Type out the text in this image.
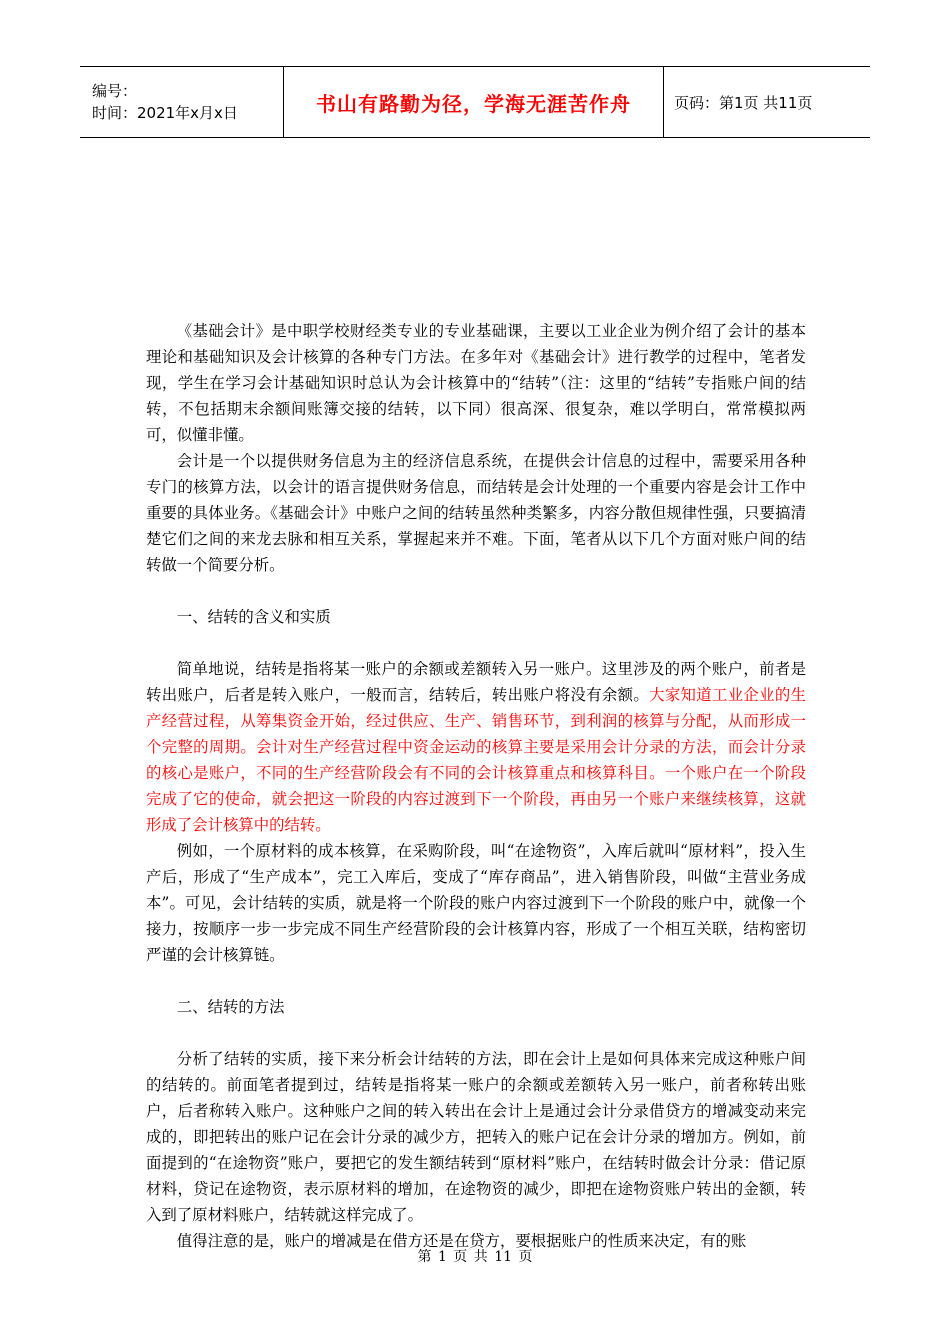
编号：
时间：2021年x月x日	书山有路勤为径，学海无涯苦作舟	页码：第1页 共11页

《基础会计》是中职学校财经类专业的专业基础课，主要以工业企业为例介绍了会计的基本理论和基础知识及会计核算的各种专门方法。在多年对《基础会计》进行教学的过程中，笔者发现，学生在学习会计基础知识时总认为会计核算中的“结转”（注：这里的“结转”专指账户间的结转，不包括期末余额间账簿交接的结转，以下同）很高深、很复杂，难以学明白，常常模拟两可，似懂非懂。

会计是一个以提供财务信息为主的经济信息系统，在提供会计信息的过程中，需要采用各种专门的核算方法，以会计的语言提供财务信息，而结转是会计处理的一个重要内容是会计工作中重要的具体业务。《基础会计》中账户之间的结转虽然种类繁多，内容分散但规律性强，只要搞清楚它们之间的来龙去脉和相互关系，掌握起来并不难。下面，笔者从以下几个方面对账户间的结转做一个简要分析。

一、结转的含义和实质

简单地说，结转是指将某一账户的余额或差额转入另一账户。这里涉及的两个账户，前者是转出账户，后者是转入账户，一般而言，结转后，转出账户将没有余额。大家知道工业企业的生产经营过程，从筹集资金开始，经过供应、生产、销售环节，到利润的核算与分配，从而形成一个完整的周期。会计对生产经营过程中资金运动的核算主要是采用会计分录的方法，而会计分录的核心是账户，不同的生产经营阶段会有不同的会计核算重点和核算科目。一个账户在一个阶段完成了它的使命，就会把这一阶段的内容过渡到下一个阶段，再由另一个账户来继续核算，这就形成了会计核算中的结转。

例如，一个原材料的成本核算，在采购阶段，叫“在途物资”，入库后就叫“原材料”，投入生产后，形成了“生产成本”，完工入库后，变成了“库存商品”，进入销售阶段，叫做“主营业务成本”。可见，会计结转的实质，就是将一个阶段的账户内容过渡到下一个阶段的账户中，就像一个接力，按顺序一步一步完成不同生产经营阶段的会计核算内容，形成了一个相互关联，结构密切严谨的会计核算链。

二、结转的方法

分析了结转的实质，接下来分析会计结转的方法，即在会计上是如何具体来完成这种账户间的结转的。前面笔者提到过，结转是指将某一账户的余额或差额转入另一账户，前者称转出账户，后者称转入账户。这种账户之间的转入转出在会计上是通过会计分录借贷方的增减变动来完成的，即把转出的账户记在会计分录的减少方，把转入的账户记在会计分录的增加方。例如，前面提到的“在途物资”账户，要把它的发生额结转到“原材料”账户，在结转时做会计分录：借记原材料，贷记在途物资，表示原材料的增加，在途物资的减少，即把在途物资账户转出的金额，转入到了原材料账户，结转就这样完成了。

值得注意的是，账户的增减是在借方还是在贷方，要根据账户的性质来决定，有的账

第 1 页 共 11 页
